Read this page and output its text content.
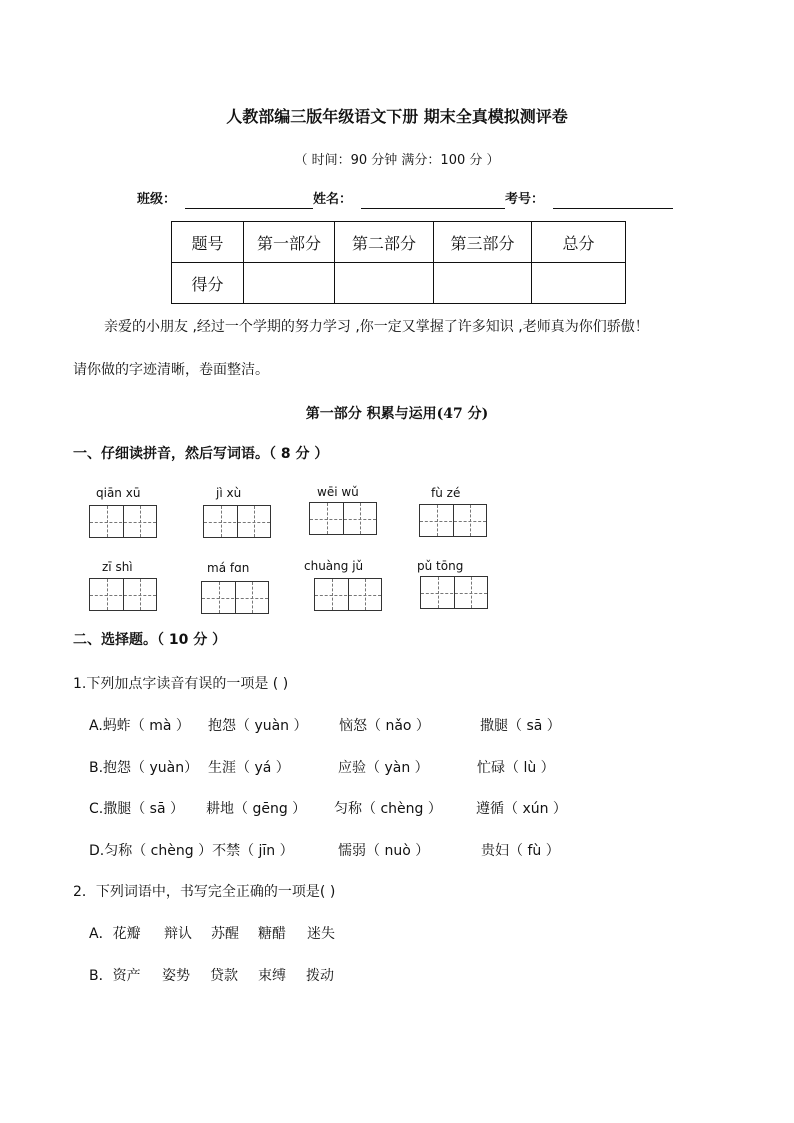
人教部编三版年级语文下册 期末全真模拟测评卷
（ 时间：90 分钟 满分：100 分 ）
班级：	姓名：	考号：
题号	第一部分	第二部分	第三部分	总分
得分				
亲爱的小朋友 ,经过一个学期的努力学习 ,你一定又掌握了许多知识 ,老师真为你们骄傲！
请你做的字迹清晰，卷面整洁。
第一部分 积累与运用(47 分)
一、仔细读拼音，然后写词语。（ 8 分 ）
qiān xū	jì xù	wēi wǔ	fù zé
zī shì	má fɑn	chuàng jǔ	pǔ tōng
二、选择题。（ 10 分 ）
1.下列加点字读音有误的一项是 ( )
A.蚂蚱（ mà ） 抱怨（ yuàn ） 恼怒（ nǎo ）	撒腿（ sā ）
B.抱怨（ yuàn） 生涯（ yá ）	应验（ yàn ）	忙碌（ lù ）
C.撒腿（ sā ） 耕地（ gēng ） 匀称（ chèng ） 遵循（ xún ）
D.匀称（ chèng ）不禁（ jīn ）	懦弱（ nuò ）	贵妇（ fù ）
2．下列词语中，书写完全正确的一项是( )
A．花瓣 辩认 苏醒 糖醋 迷失
B．资产 姿势 贷款 束缚 拨动
